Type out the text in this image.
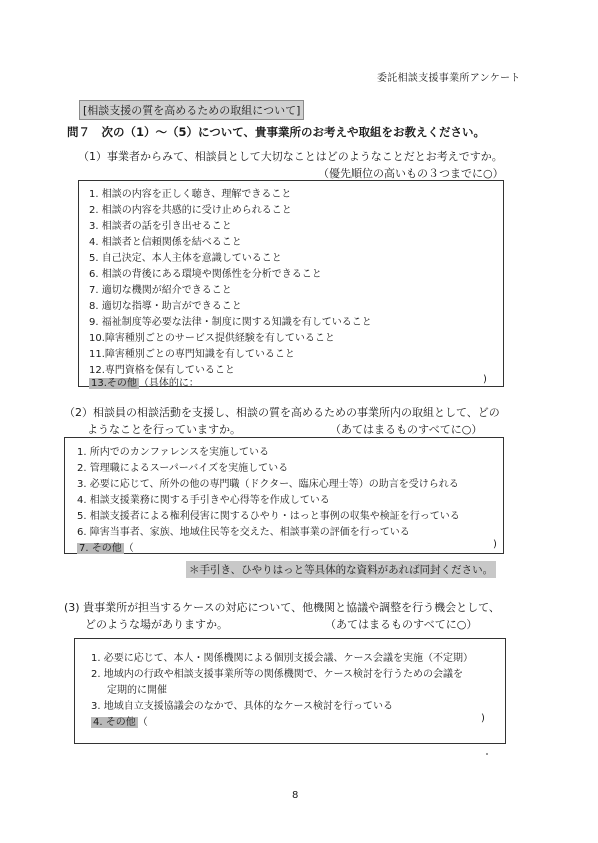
委託相談支援事業所アンケート
[相談支援の質を高めるための取組について]
問７　次の（1）～（5）について、貴事業所のお考えや取組をお教えください。
（1）事業者からみて、相談員として大切なことはどのようなことだとお考えですか。
（優先順位の高いもの３つまでに○）
1. 相談の内容を正しく聴き、理解できること
2. 相談の内容を共感的に受け止められること
3. 相談者の話を引き出せること
4. 相談者と信頼関係を結べること
5. 自己決定、本人主体を意識していること
6. 相談の背後にある環境や関係性を分析できること
7. 適切な機関が紹介できること
8. 適切な指導・助言ができること
9. 福祉制度等必要な法律・制度に関する知識を有していること
10.障害種別ごとのサービス提供経験を有していること
11.障害種別ごとの専門知識を有していること
12.専門資格を保有していること
13.その他 （具体的に：	)
（2）相談員の相談活動を支援し、相談の質を高めるための事業所内の取組として、どの
ようなことを行っていますか。	（あてはまるものすべてに○）
1. 所内でのカンファレンスを実施している
2. 管理職によるスーパーバイズを実施している
3. 必要に応じて、所外の他の専門職（ドクター、臨床心理士等）の助言を受けられる
4. 相談支援業務に関する手引きや心得等を作成している
5. 相談支援者による権利侵害に関するひやり・はっと事例の収集や検証を行っている
6. 障害当事者、家族、地域住民等を交えた、相談事業の評価を行っている
7. その他 （	)
＊手引き、ひやりはっと等具体的な資料があれば同封ください。
(3) 貴事業所が担当するケースの対応について、他機関と協議や調整を行う機会として、
どのような場がありますか。	（あてはまるものすべてに○）
1. 必要に応じて、本人・関係機関による個別支援会議、ケース会議を実施（不定期）
2. 地域内の行政や相談支援事業所等の関係機関で、ケース検討を行うための会議を
定期的に開催
3. 地域自立支援協議会のなかで、具体的なケース検討を行っている
4. その他 （	)
8
